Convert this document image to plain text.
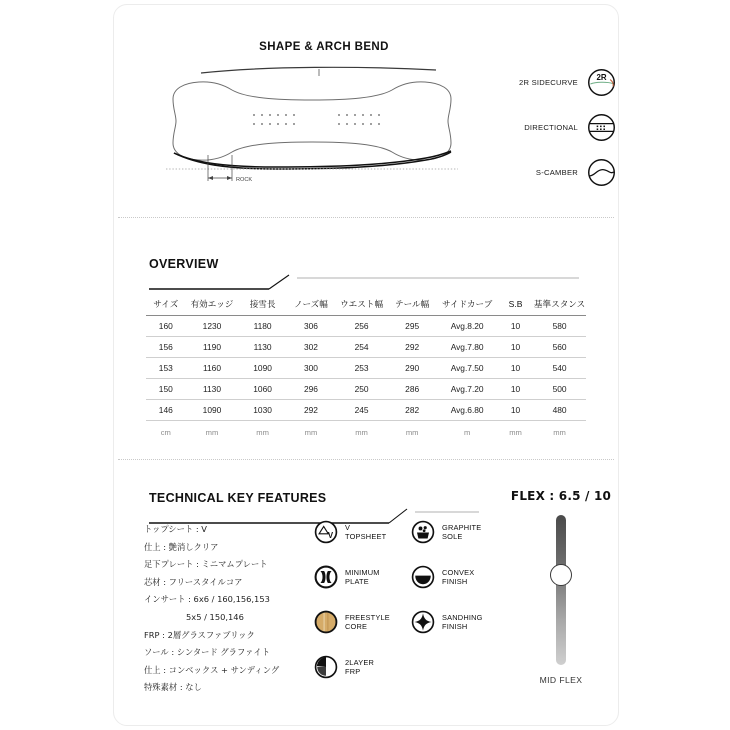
SHAPE & ARCH BEND
ROCK
2R SIDECURVE
2R
DIRECTIONAL
S-CAMBER
OVERVIEW
サイズ	有効エッジ	接雪長	ノーズ幅	ウエスト幅	テール幅	サイドカーブ	S.B	基準スタンス
160	1230	1180	306	256	295	Avg.8.20	10	580
156	1190	1130	302	254	292	Avg.7.80	10	560
153	1160	1090	300	253	290	Avg.7.50	10	540
150	1130	1060	296	250	286	Avg.7.20	10	500
146	1090	1030	292	245	282	Avg.6.80	10	480
cm	mm	mm	mm	mm	mm	m	mm	mm
TECHNICAL KEY FEATURES
トップシート : V
仕上 : 艶消しクリア
足下プレート : ミニマムプレート
芯材 : フリースタイルコア
インサート : 6x6 / 160,156,153
5x5 / 150,146
FRP : 2層グラスファブリック
ソール : シンタード グラファイト
仕上 : コンベックス + サンディング
特殊素材 : なし
V
V
TOPSHEET
MINIMUM
PLATE
FREESTYLE
CORE
2LAYER
FRP
GRAPHITE
SOLE
CONVEX
FINISH
SANDHING
FINISH
FLEX : 6.5 / 10
MID FLEX
